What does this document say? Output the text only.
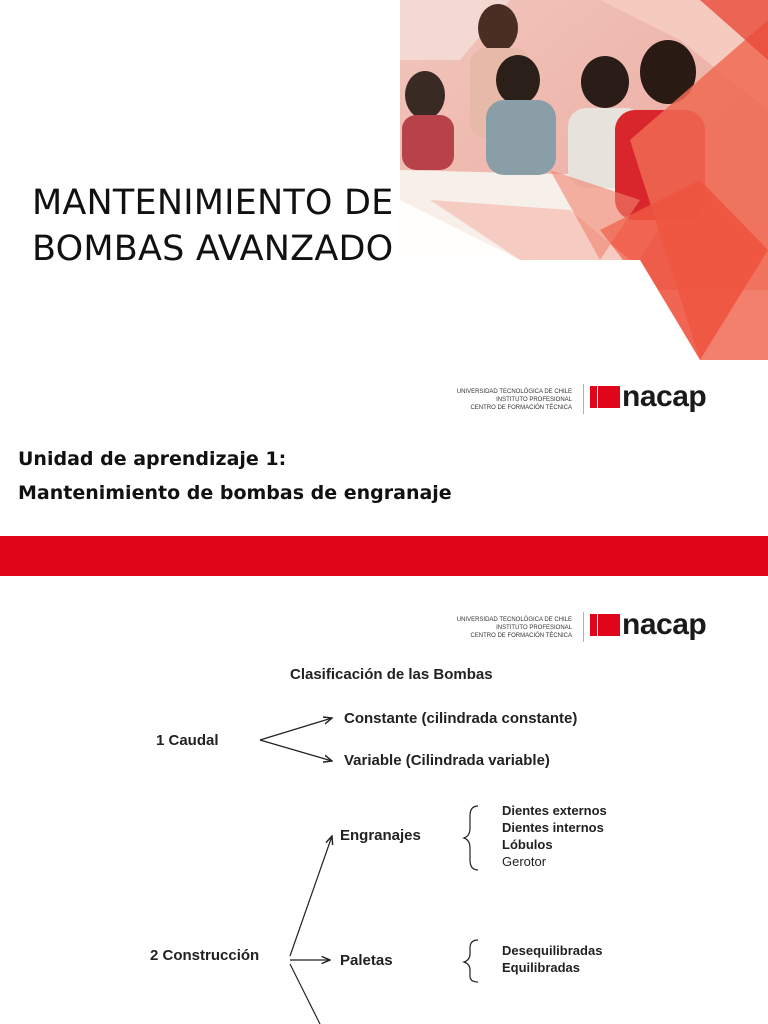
MANTENIMIENTO DE
BOMBAS AVANZADO
UNIVERSIDAD TECNOLÓGICA DE CHILE
INSTITUTO PROFESIONAL
CENTRO DE FORMACIÓN TÉCNICA nacap
Unidad de aprendizaje 1:
Mantenimiento de bombas de engranaje
UNIVERSIDAD TECNOLÓGICA DE CHILE
INSTITUTO PROFESIONAL
CENTRO DE FORMACIÓN TÉCNICA nacap
Clasificación de las Bombas
1 Caudal
Constante (cilindrada constante)
Variable (Cilindrada variable)
Engranajes
Dientes externos
Dientes internos
Lóbulos
Gerotor
2 Construcción	Paletas
Desequilibradas
Equilibradas
